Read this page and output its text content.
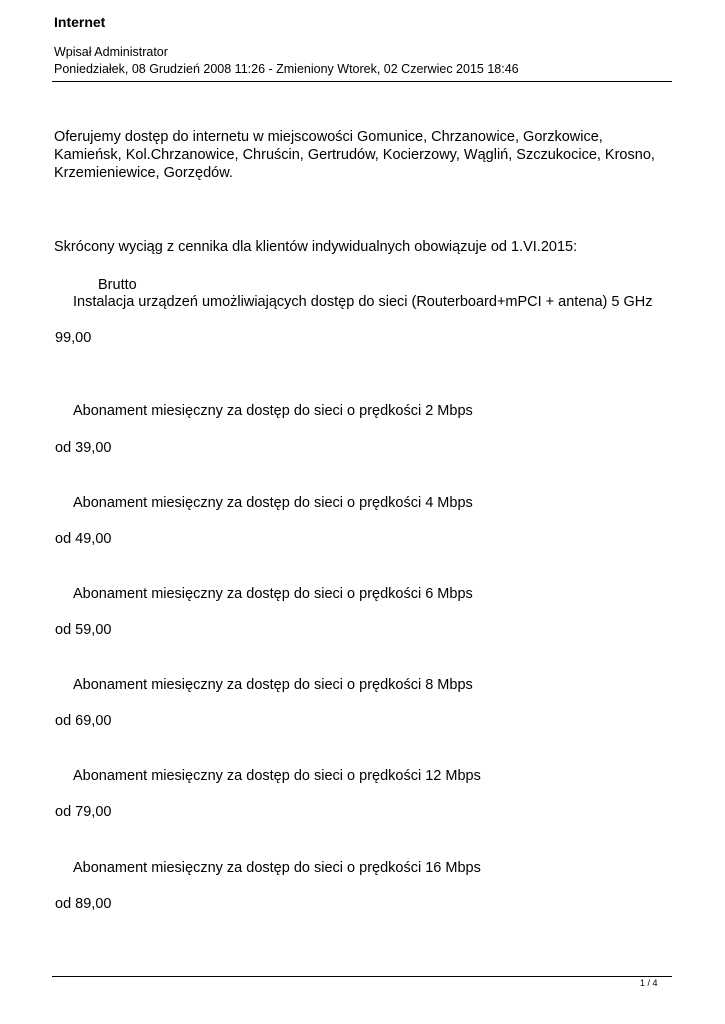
Internet
Wpisał Administrator
Poniedziałek, 08 Grudzień 2008 11:26 - Zmieniony Wtorek, 02 Czerwiec 2015 18:46
Oferujemy dostęp do internetu w miejscowości Gomunice, Chrzanowice, Gorzkowice, Kamieńsk, Kol.Chrzanowice, Chruścin, Gertrudów, Kocierzowy, Wągliń, Szczukocice, Krosno, Krzemieniewice, Gorzędów.
Skrócony wyciąg z cennika dla klientów indywidualnych obowiązuje od 1.VI.2015:
Brutto
Instalacja urządzeń umożliwiających dostęp do sieci (Routerboard+mPCI + antena) 5 GHz
99,00
Abonament miesięczny za dostęp do sieci o prędkości 2 Mbps
od 39,00
Abonament miesięczny za dostęp do sieci o prędkości 4 Mbps
od 49,00
Abonament miesięczny za dostęp do sieci o prędkości 6 Mbps
od 59,00
Abonament miesięczny za dostęp do sieci o prędkości 8 Mbps
od 69,00
Abonament miesięczny za dostęp do sieci o prędkości 12 Mbps
od 79,00
Abonament miesięczny za dostęp do sieci o prędkości 16 Mbps
od 89,00
1 / 4
